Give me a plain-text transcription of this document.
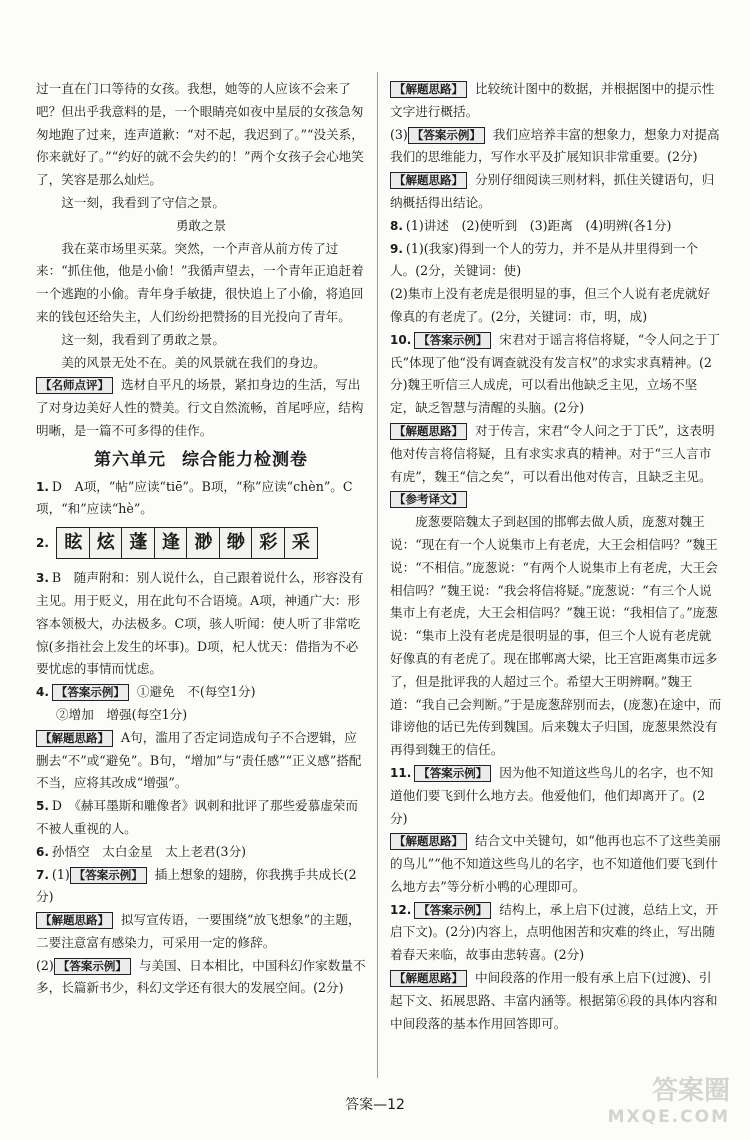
过一直在门口等待的女孩。我想，她等的人应该不会来了吧？但出乎我意料的是，一个眼睛亮如夜中星辰的女孩急匆匆地跑了过来，连声道歉：“对不起，我迟到了。”“没关系，你来就好了。”“约好的就不会失约的！”两个女孩子会心地笑了，笑容是那么灿烂。

这一刻，我看到了守信之景。

勇敢之景

我在菜市场里买菜。突然，一个声音从前方传了过来：“抓住他，他是小偷！”我循声望去，一个青年正追赶着一个逃跑的小偷。青年身手敏捷，很快追上了小偷，将追回来的钱包还给失主，人们纷纷把赞扬的目光投向了青年。

这一刻，我看到了勇敢之景。

美的风景无处不在。美的风景就在我们的身边。

【名师点评】 选材自平凡的场景，紧扣身边的生活，写出了对身边美好人性的赞美。行文自然流畅，首尾呼应，结构明晰，是一篇不可多得的佳作。

第六单元 综合能力检测卷

1. D　A项，“帖”应读“tiē”。B项，“称”应读“chèn”。C项，“和”应读“hè”。

2. 眩 炫 蓬 逢 渺 缈 彩 采

3. B　随声附和：别人说什么，自己跟着说什么，形容没有主见。用于贬义，用在此句不合语境。A项，神通广大：形容本领极大，办法极多。C项，骇人听闻：使人听了非常吃惊(多指社会上发生的坏事)。D项，杞人忧天：借指为不必要忧虑的事情而忧虑。

4. 【答案示例】 ①避免　不(每空1分)

②增加　增强(每空1分)

【解题思路】 A句，滥用了否定词造成句子不合逻辑，应删去“不”或“避免”。B句，“增加”与“责任感”“正义感”搭配不当，应将其改成“增强”。

5. D　《赫耳墨斯和雕像者》讽刺和批评了那些爱慕虚荣而不被人重视的人。

6. 孙悟空　太白金星　太上老君(3分)

7. (1) 【答案示例】 插上想象的翅膀，你我携手共成长(2分)

【解题思路】 拟写宣传语，一要围绕“放飞想象”的主题，二要注意富有感染力，可采用一定的修辞。

(2) 【答案示例】 与美国、日本相比，中国科幻作家数量不多，长篇新书少，科幻文学还有很大的发展空间。(2分)

【解题思路】 比较统计图中的数据，并根据图中的提示性文字进行概括。

(3) 【答案示例】 我们应培养丰富的想象力，想象力对提高我们的思维能力，写作水平及扩展知识非常重要。(2分)

【解题思路】 分别仔细阅读三则材料，抓住关键语句，归纳概括得出结论。

8. (1)讲述　(2)使听到　(3)距离　(4)明辨(各1分)

9. (1)(我家)得到一个人的劳力，并不是从井里得到一个人。(2分，关键词：使)

(2)集市上没有老虎是很明显的事，但三个人说有老虎就好像真的有老虎了。(2分，关键词：市，明，成)

10. 【答案示例】 宋君对于谣言将信将疑，“令人问之于丁氏”体现了他“没有调查就没有发言权”的求实求真精神。(2分)魏王听信三人成虎，可以看出他缺乏主见，立场不坚定，缺乏智慧与清醒的头脑。(2分)

【解题思路】 对于传言，宋君“令人问之于丁氏”，这表明他对传言将信将疑，且有求实求真的精神。对于“三人言市有虎”，魏王“信之矣”，可以看出他对传言，且缺乏主见。

【参考译文】

庞葱要陪魏太子到赵国的邯郸去做人质，庞葱对魏王说：“现在有一个人说集市上有老虎，大王会相信吗？”魏王说：“不相信。”庞葱说：“有两个人说集市上有老虎，大王会相信吗？”魏王说：“我会将信将疑。”庞葱说：“有三个人说集市上有老虎，大王会相信吗？”魏王说：“我相信了。”庞葱说：“集市上没有老虎是很明显的事，但三个人说有老虎就好像真的有老虎了。现在邯郸离大梁，比王宫距离集市远多了，但是批评我的人超过三个。希望大王明辨啊。”魏王道：“我自己会判断。”于是庞葱辞别而去，(庞葱)在途中，而诽谤他的话已先传到魏国。后来魏太子归国，庞葱果然没有再得到魏王的信任。

11. 【答案示例】 因为他不知道这些鸟儿的名字，也不知道他们要飞到什么地方去。他爱他们，他们却离开了。(2分)

【解题思路】 结合文中关键句，如“他再也忘不了这些美丽的鸟儿”“他不知道这些鸟儿的名字，也不知道他们要飞到什么地方去”等分析小鸭的心理即可。

12. 【答案示例】 结构上，承上启下(过渡，总结上文，开启下文)。(2分)内容上，点明他困苦和灾难的终止，写出随着春天来临，故事由悲转喜。(2分)

【解题思路】 中间段落的作用一般有承上启下(过渡)、引起下文、拓展思路、丰富内涵等。根据第⑥段的具体内容和中间段落的基本作用回答即可。

答案—12	答案圈
MXQE.COM
